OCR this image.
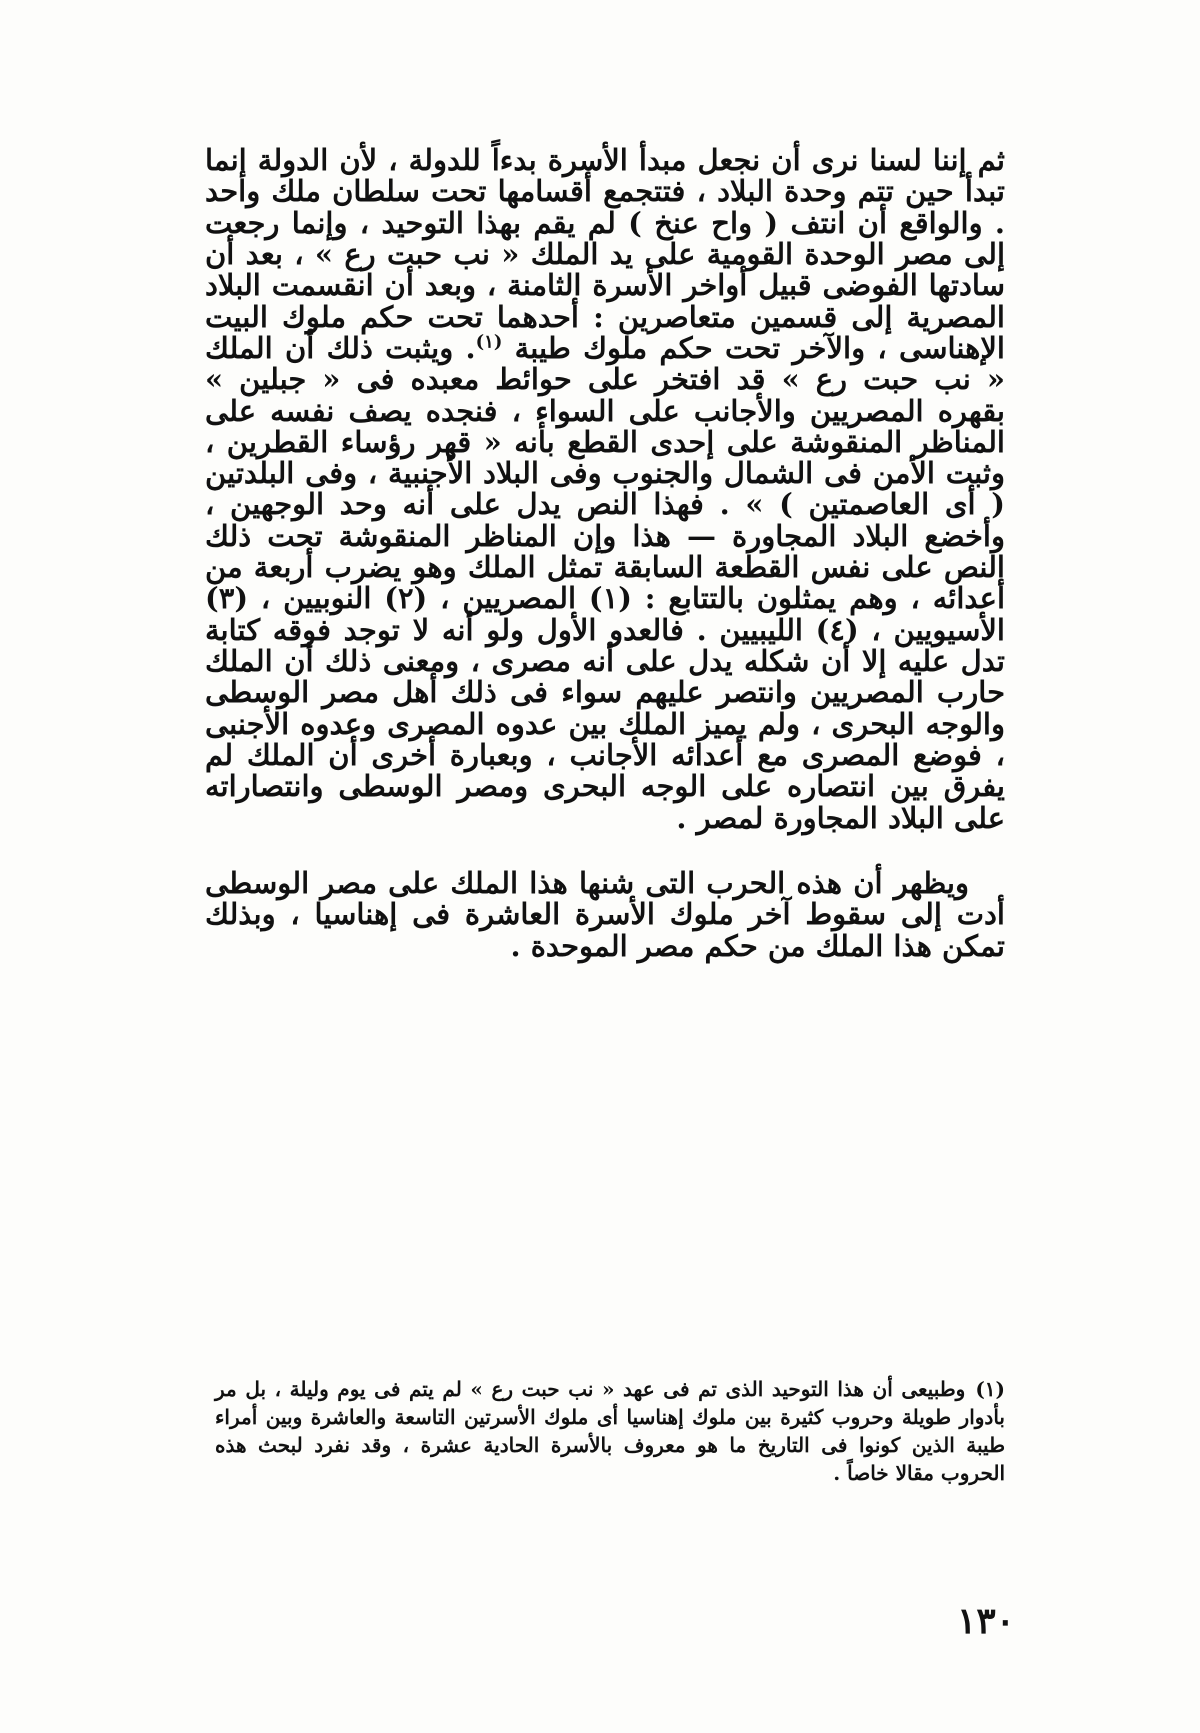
ثم إننا لسنا نرى أن نجعل مبدأ الأسرة بدءاً للدولة ، لأن الدولة إنما تبدأ حين تتم وحدة البلاد ، فتتجمع أقسامها تحت سلطان ملك واحد . والواقع أن انتف ( واح عنخ ) لم يقم بهذا التوحيد ، وإنما رجعت إلى مصر الوحدة القومية على يد الملك « نب حبت رع » ، بعد أن سادتها الفوضى قبيل أواخر الأسرة الثامنة ، وبعد أن انقسمت البلاد المصرية إلى قسمين متعاصرين : أحدهما تحت حكم ملوك البيت الإهناسى ، والآخر تحت حكم ملوك طيبة $^{(١)}$. ويثبت ذلك أن الملك « نب حبت رع » قد افتخر على حوائط معبده فى « جبلين » بقهره المصريين والأجانب على السواء ، فنجده يصف نفسه على المناظر المنقوشة على إحدى القطع بأنه « قهر رؤساء القطرين ، وثبت الأمن فى الشمال والجنوب وفى البلاد الأجنبية ، وفى البلدتين ( أى العاصمتين ) » . فهذا النص يدل على أنه وحد الوجهين ، وأخضع البلاد المجاورة — هذا وإن المناظر المنقوشة تحت ذلك النص على نفس القطعة السابقة تمثل الملك وهو يضرب أربعة من أعدائه ، وهم يمثلون بالتتابع : (١) المصريين ، (٢) النوبيين ، (٣) الأسيويين ، (٤) الليبيين . فالعدو الأول ولو أنه لا توجد فوقه كتابة تدل عليه إلا أن شكله يدل على أنه مصرى ، ومعنى ذلك أن الملك حارب المصريين وانتصر عليهم سواء فى ذلك أهل مصر الوسطى والوجه البحرى ، ولم يميز الملك بين عدوه المصرى وعدوه الأجنبى ، فوضع المصرى مع أعدائه الأجانب ، وبعبارة أخرى أن الملك لم يفرق بين انتصاره على الوجه البحرى ومصر الوسطى وانتصاراته على البلاد المجاورة لمصر .

ويظهر أن هذه الحرب التى شنها هذا الملك على مصر الوسطى أدت إلى سقوط آخر ملوك الأسرة العاشرة فى إهناسيا ، وبذلك تمكن هذا الملك من حكم مصر الموحدة .

(١)وطبيعى أن هذا التوحيد الذى تم فى عهد « نب حبت رع » لم يتم فى يوم وليلة ، بل مر بأدوار طويلة وحروب كثيرة بين ملوك إهناسيا أى ملوك الأسرتين التاسعة والعاشرة وبين أمراء طيبة الذين كونوا فى التاريخ ما هو معروف بالأسرة الحادية عشرة ، وقد نفرد لبحث هذه الحروب مقالا خاصاً .

١٣٠
